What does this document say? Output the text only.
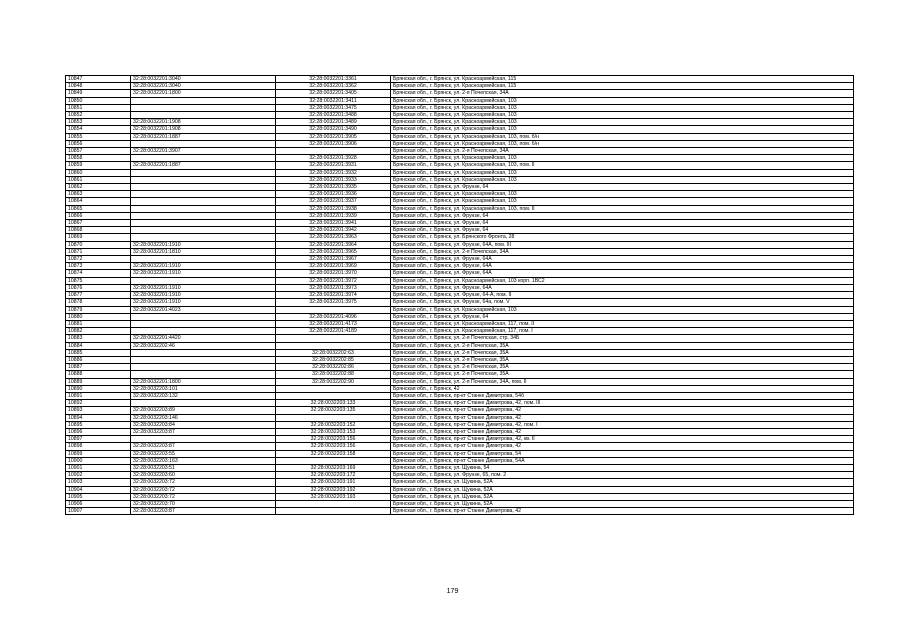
10847	32:28:0032201:3040	32:28:0032201:3361	Брянская обл., г. Брянск, ул. Красноармейская, 115
10848	32:28:0032201:3040	32:28:0032201:3362	Брянская обл., г. Брянск, ул. Красноармейская, 115
10849	32:28:0032201:1800	32:28:0032201:3405	Брянская обл., г. Брянск, ул. 2-я Почепская, 34А
10850		32:28:0032201:3411	Брянская обл., г. Брянск, ул. Красноармейская, 103
10851		32:28:0032201:3475	Брянская обл., г. Брянск, ул. Красноармейская, 103
10852		32:28:0032201:3488	Брянская обл., г. Брянск, ул. Красноармейская, 103
10853	32:28:0032201:1908	32:28:0032201:3489	Брянская обл., г. Брянск, ул. Красноармейская, 103
10854	32:28:0032201:1908	32:28:0032201:3490	Брянская обл., г. Брянск, ул. Красноармейская, 103
10855	32:28:0032201:1887	32:28:0032201:3905	Брянская обл., г. Брянск, ул. Красноармейская, 103, пом. б/н
10856		32:28:0032201:3906	Брянская обл., г. Брянск, ул. Красноармейская, 103, пом. б/н
10857	32:28:0032201:3907		Брянская обл., г. Брянск, ул. 2-я Почепская, 34А
10858		32:28:0032201:3928	Брянская обл., г. Брянск, ул. Красноармейская, 103
10859	32:28:0032201:1887	32:28:0032201:3931	Брянская обл., г. Брянск, ул. Красноармейская, 103, пом. II
10860		32:28:0032201:3932	Брянская обл., г. Брянск, ул. Красноармейская, 103
10861		32:28:0032201:3933	Брянская обл., г. Брянск, ул. Красноармейская, 103
10862		32:28:0032201:3935	Брянская обл., г. Брянск, ул. Фрунзе, 64
10863		32:28:0032201:3936	Брянская обл., г. Брянск, ул. Красноармейская, 103
10864		32:28:0032201:3937	Брянская обл., г. Брянск, ул. Красноармейская, 103
10865		32:28:0032201:3938	Брянская обл., г. Брянск, ул. Красноармейская, 103, пом. II
10866		32:28:0032201:3939	Брянская обл., г. Брянск, ул. Фрунзе, 64
10867		32:28:0032201:3941	Брянская обл., г. Брянск, ул. Фрунзе, 64
10868		32:28:0032201:3942	Брянская обл., г. Брянск, ул. Фрунзе, 64
10869		32:28:0032201:3963	Брянская обл., г. Брянск, ул. Брянского Фронта, 28
10870	32:28:0032201:1910	32:28:0032201:3964	Брянская обл., г. Брянск, ул. Фрунзе, 64А, пом. III
10871	32:28:0032201:1810	32:28:0032201:3965	Брянская обл., г. Брянск, ул. 2-я Почепская, 34А
10872		32:28:0032201:3967	Брянская обл., г. Брянск, ул. Фрунзе, 64А
10873	32:28:0032201:1910	32:28:0032201:3969	Брянская обл., г. Брянск, ул. Фрунзе, 64А
10874	32:28:0032201:1910	32:28:0032201:3970	Брянская обл., г. Брянск, ул. Фрунзе, 64А
10875		32:28:0032201:3972	Брянская обл., г. Брянск, ул. Красноармейская, 103 корп. 1ВС2
10876	32:28:0032201:1910	32:28:0032201:3973	Брянская обл., г. Брянск, ул. Фрунзе, 64А
10877	32:28:0032201:1910	32:28:0032201:3974	Брянская обл., г. Брянск, ул. Фрунзе, 64-А, пом. II
10878	32:28:0032201:1910	32:28:0032201:3975	Брянская обл., г. Брянск, ул. Фрунзе, 64а, пом. V
10879	32:28:0032201:4023		Брянская обл., г. Брянск, ул. Красноармейская, 103
10880		32:28:0032201:4096	Брянская обл., г. Брянск, ул. Фрунзе, 64
10881		32:28:0032201:4173	Брянская обл., г. Брянск, ул. Красноармейская, 117, пом. II
10882		32:28:0032201:4189	Брянская обл., г. Брянск, ул. Красноармейская, 117, пом. I
10883	32:28:0032201:4420		Брянская обл., г. Брянск, ул. 2-я Почепская, стр. 34Б
10884	32:28:0032202:46		Брянская обл., г. Брянск, ул. 2-я Почепская, 35А
10885		32:28:0032202:63	Брянская обл., г. Брянск, ул. 2-я Почепская, 35А
10886		32:28:0032202:85	Брянская обл., г. Брянск, ул. 2-я Почепская, 35А
10887		32:28:0032202:86	Брянская обл., г. Брянск, ул. 2-я Почепская, 35А
10888		32:28:0032202:88	Брянская обл., г. Брянск, ул. 2-я Почепская, 35А
10889	32:28:0032201:1800	32:28:0032202:90	Брянская обл., г. Брянск, ул. 2-я Почепская, 34А, пом. II
10890	32:28:0032203:101		Брянская обл., г. Брянск, 42
10891	32:28:0032203:132		Брянская обл., г. Брянск, пр-кт Станке Димитрова, 54б
10892		32:28:0032203:133	Брянская обл., г. Брянск, пр-кт Станке Димитрова, 42, пом. III
10893	32:28:0032203:89	32:28:0032203:135	Брянская обл., г. Брянск, пр-кт Станке Димитрова, 42
10894	32:28:0032203:146		Брянская обл., г. Брянск, пр-кт Станке Димитрова, 42
10895	32:28:0032203:84	32:28:0032203:152	Брянская обл., г. Брянск, пр-кт Станке Димитрова, 42, пом. I
10896	32:28:0032203:87	32:28:0032203:153	Брянская обл., г. Брянск, пр-кт Станке Димитрова, 42
10897		32:28:0032203:156	Брянская обл., г. Брянск, пр-кт Станке Димитрова, 42, кв. II
10898	32:28:0032203:87	32:28:0032203:156	Брянская обл., г. Брянск, пр-кт Станке Димитрова, 42
10899	32:28:0032203:55	32:28:0032203:158	Брянская обл., г. Брянск, пр-кт Станке Димитрова, 54
10900	32:28:0032203:163		Брянская обл., г. Брянск, пр-кт Станке Димитрова, 54А
10901	32:28:0032203:51	32:28:0032203:169	Брянская обл., г. Брянск, ул. Щукина, 54
10902	32:28:0032203:60	32:28:0032203:172	Брянская обл., г. Брянск, ул. Фрунзе, 65, пом. 2
10903	32:28:0032203:72	32:28:0032203:191	Брянская обл., г. Брянск, ул. Щукина, 52А
10904	32:28:0032203:72	32:28:0032203:192	Брянская обл., г. Брянск, ул. Щукина, 52А
10905	32:28:0032203:72	32:28:0032203:193	Брянская обл., г. Брянск, ул. Щукина, 52А
10906	32:28:0032203:70		Брянская обл., г. Брянск, ул. Щукина, 52А
10907	32:28:0032203:87		Брянская обл., г. Брянск, пр-кт Станке Димитрова, 42
179
